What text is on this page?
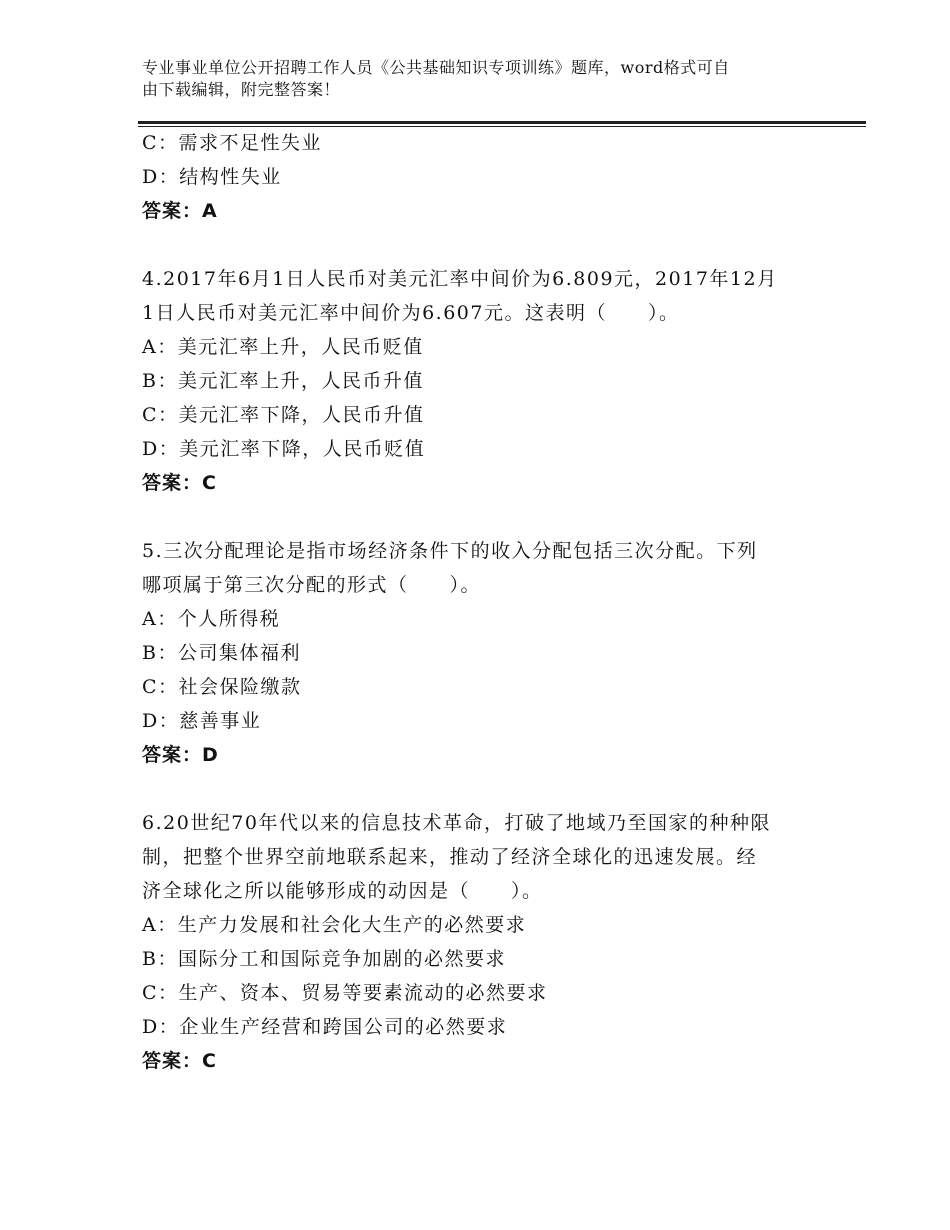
专业事业单位公开招聘工作人员《公共基础知识专项训练》题库，word格式可自
由下载编辑，附完整答案！
C：需求不足性失业
D：结构性失业
答案：A
4.2017年6月1日人民币对美元汇率中间价为6.809元，2017年12月
1日人民币对美元汇率中间价为6.607元。这表明（　　）。
A：美元汇率上升，人民币贬值
B：美元汇率上升，人民币升值
C：美元汇率下降，人民币升值
D：美元汇率下降，人民币贬值
答案：C
5.三次分配理论是指市场经济条件下的收入分配包括三次分配。下列
哪项属于第三次分配的形式（　　）。
A：个人所得税
B：公司集体福利
C：社会保险缴款
D：慈善事业
答案：D
6.20世纪70年代以来的信息技术革命，打破了地域乃至国家的种种限
制，把整个世界空前地联系起来，推动了经济全球化的迅速发展。经
济全球化之所以能够形成的动因是（　　）。
A：生产力发展和社会化大生产的必然要求
B：国际分工和国际竞争加剧的必然要求
C：生产、资本、贸易等要素流动的必然要求
D：企业生产经营和跨国公司的必然要求
答案：C
